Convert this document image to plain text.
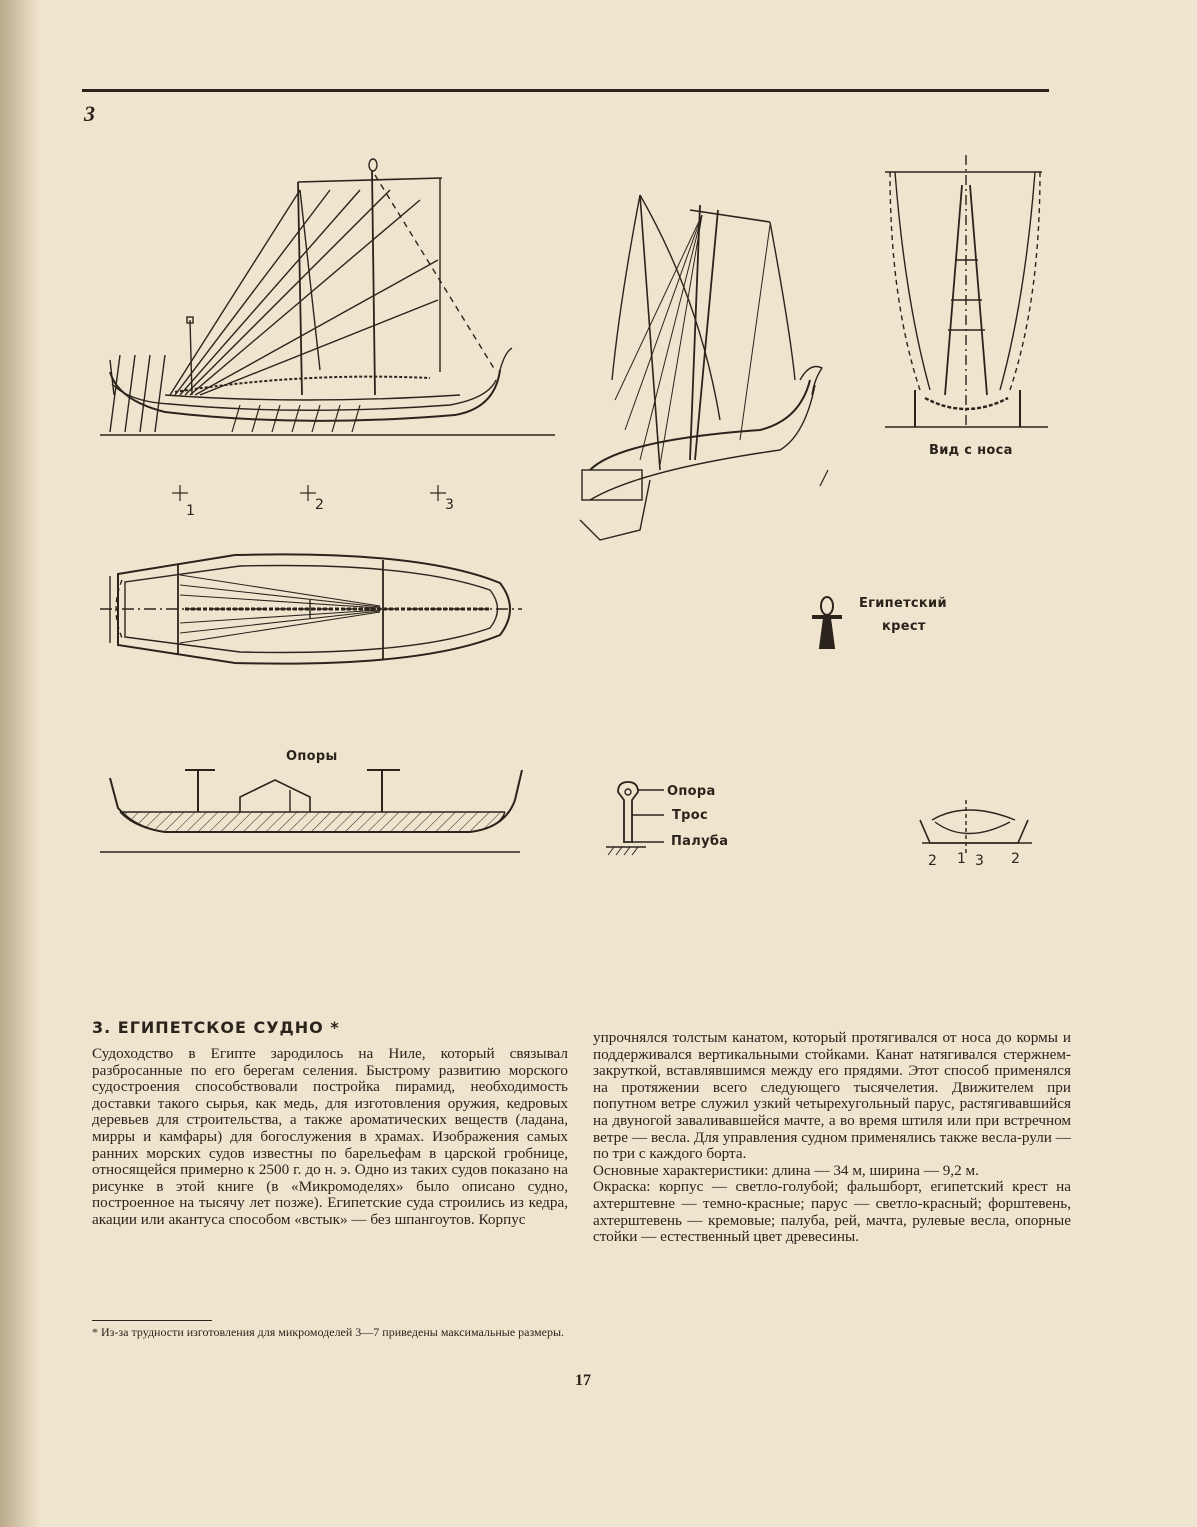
3
1	2	3
Вид с носа
Египетский
крест
Опоры
Опора
Трос
Палуба
2 1 3 2
3. ЕГИПЕТСКОЕ СУДНО *

Судоходство в Египте зародилось на Ниле, который связывал разбросанные по его берегам селения. Быстрому развитию морского судостроения способствовали постройка пирамид, необходимость доставки такого сырья, как медь, для изготовления оружия, кедровых деревьев для строительства, а также ароматических веществ (ладана, мирры и камфары) для богослужения в храмах. Изображения самых ранних морских судов известны по барельефам в царской гробнице, относящейся примерно к 2500 г. до н. э. Одно из таких судов показано на рисунке в этой книге (в «Микромоделях» было описано судно, построенное на тысячу лет позже). Египетские суда строились из кедра, акации или акантуса способом «встык» — без шпангоутов. Корпус

упрочнялся толстым канатом, который протягивался от носа до кормы и поддерживался вертикальными стойками. Канат натягивался стержнем-закруткой, вставлявшимся между его прядями. Этот способ применялся на протяжении всего следующего тысячелетия. Движителем при попутном ветре служил узкий четырехугольный парус, растягивавшийся на двуногой заваливавшейся мачте, а во время штиля или при встречном ветре — весла. Для управления судном применялись также весла-рули — по три с каждого борта.

Основные характеристики: длина — 34 м, ширина — 9,2 м.

Окраска: корпус — светло-голубой; фальшборт, египетский крест на ахтерштевне — темно-красные; парус — светло-красный; форштевень, ахтерштевень — кремовые; палуба, рей, мачта, рулевые весла, опорные стойки — естественный цвет древесины.

* Из-за трудности изготовления для микромоделей 3—7 приведены максимальные размеры.
17
